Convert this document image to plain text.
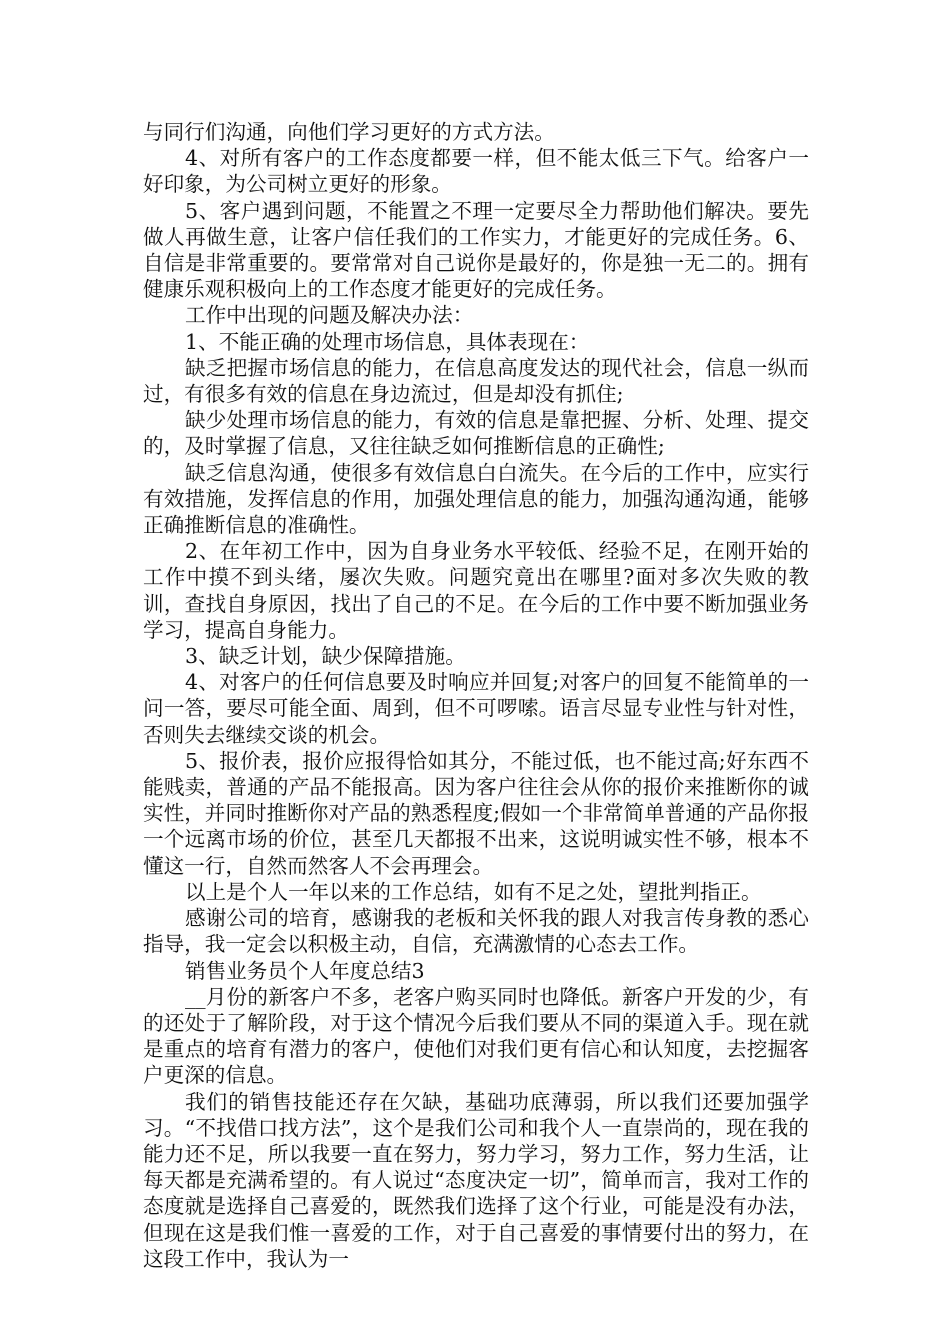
与同行们沟通，向他们学习更好的方式方法。

4、对所有客户的工作态度都要一样，但不能太低三下气。给客户一好印象，为公司树立更好的形象。

5、客户遇到问题，不能置之不理一定要尽全力帮助他们解决。要先做人再做生意，让客户信任我们的工作实力，才能更好的完成任务。6、自信是非常重要的。要常常对自己说你是最好的，你是独一无二的。拥有健康乐观积极向上的工作态度才能更好的完成任务。

工作中出现的问题及解决办法：

1、不能正确的处理市场信息，具体表现在：

缺乏把握市场信息的能力，在信息高度发达的现代社会，信息一纵而过，有很多有效的信息在身边流过，但是却没有抓住;

缺少处理市场信息的能力，有效的信息是靠把握、分析、处理、提交的，及时掌握了信息，又往往缺乏如何推断信息的正确性;

缺乏信息沟通，使很多有效信息白白流失。在今后的工作中，应实行有效措施，发挥信息的作用，加强处理信息的能力，加强沟通沟通，能够正确推断信息的准确性。

2、在年初工作中，因为自身业务水平较低、经验不足，在刚开始的工作中摸不到头绪，屡次失败。问题究竟出在哪里?面对多次失败的教训，查找自身原因，找出了自己的不足。在今后的工作中要不断加强业务学习，提高自身能力。

3、缺乏计划，缺少保障措施。

4、对客户的任何信息要及时响应并回复;对客户的回复不能简单的一问一答，要尽可能全面、周到，但不可啰嗦。语言尽显专业性与针对性，否则失去继续交谈的机会。

5、报价表，报价应报得恰如其分，不能过低，也不能过高;好东西不能贱卖，普通的产品不能报高。因为客户往往会从你的报价来推断你的诚实性，并同时推断你对产品的熟悉程度;假如一个非常简单普通的产品你报一个远离市场的价位，甚至几天都报不出来，这说明诚实性不够，根本不懂这一行，自然而然客人不会再理会。

以上是个人一年以来的工作总结，如有不足之处，望批判指正。

感谢公司的培育，感谢我的老板和关怀我的跟人对我言传身教的悉心指导，我一定会以积极主动，自信，充满激情的心态去工作。

销售业务员个人年度总结3

__月份的新客户不多，老客户购买同时也降低。新客户开发的少，有的还处于了解阶段，对于这个情况今后我们要从不同的渠道入手。现在就是重点的培育有潜力的客户，使他们对我们更有信心和认知度，去挖掘客户更深的信息。

我们的销售技能还存在欠缺，基础功底薄弱，所以我们还要加强学习。“不找借口找方法”，这个是我们公司和我个人一直崇尚的，现在我的能力还不足，所以我要一直在努力，努力学习，努力工作，努力生活，让每天都是充满希望的。有人说过“态度决定一切”，简单而言，我对工作的态度就是选择自己喜爱的，既然我们选择了这个行业，可能是没有办法，但现在这是我们惟一喜爱的工作，对于自己喜爱的事情要付出的努力，在这段工作中，我认为一
